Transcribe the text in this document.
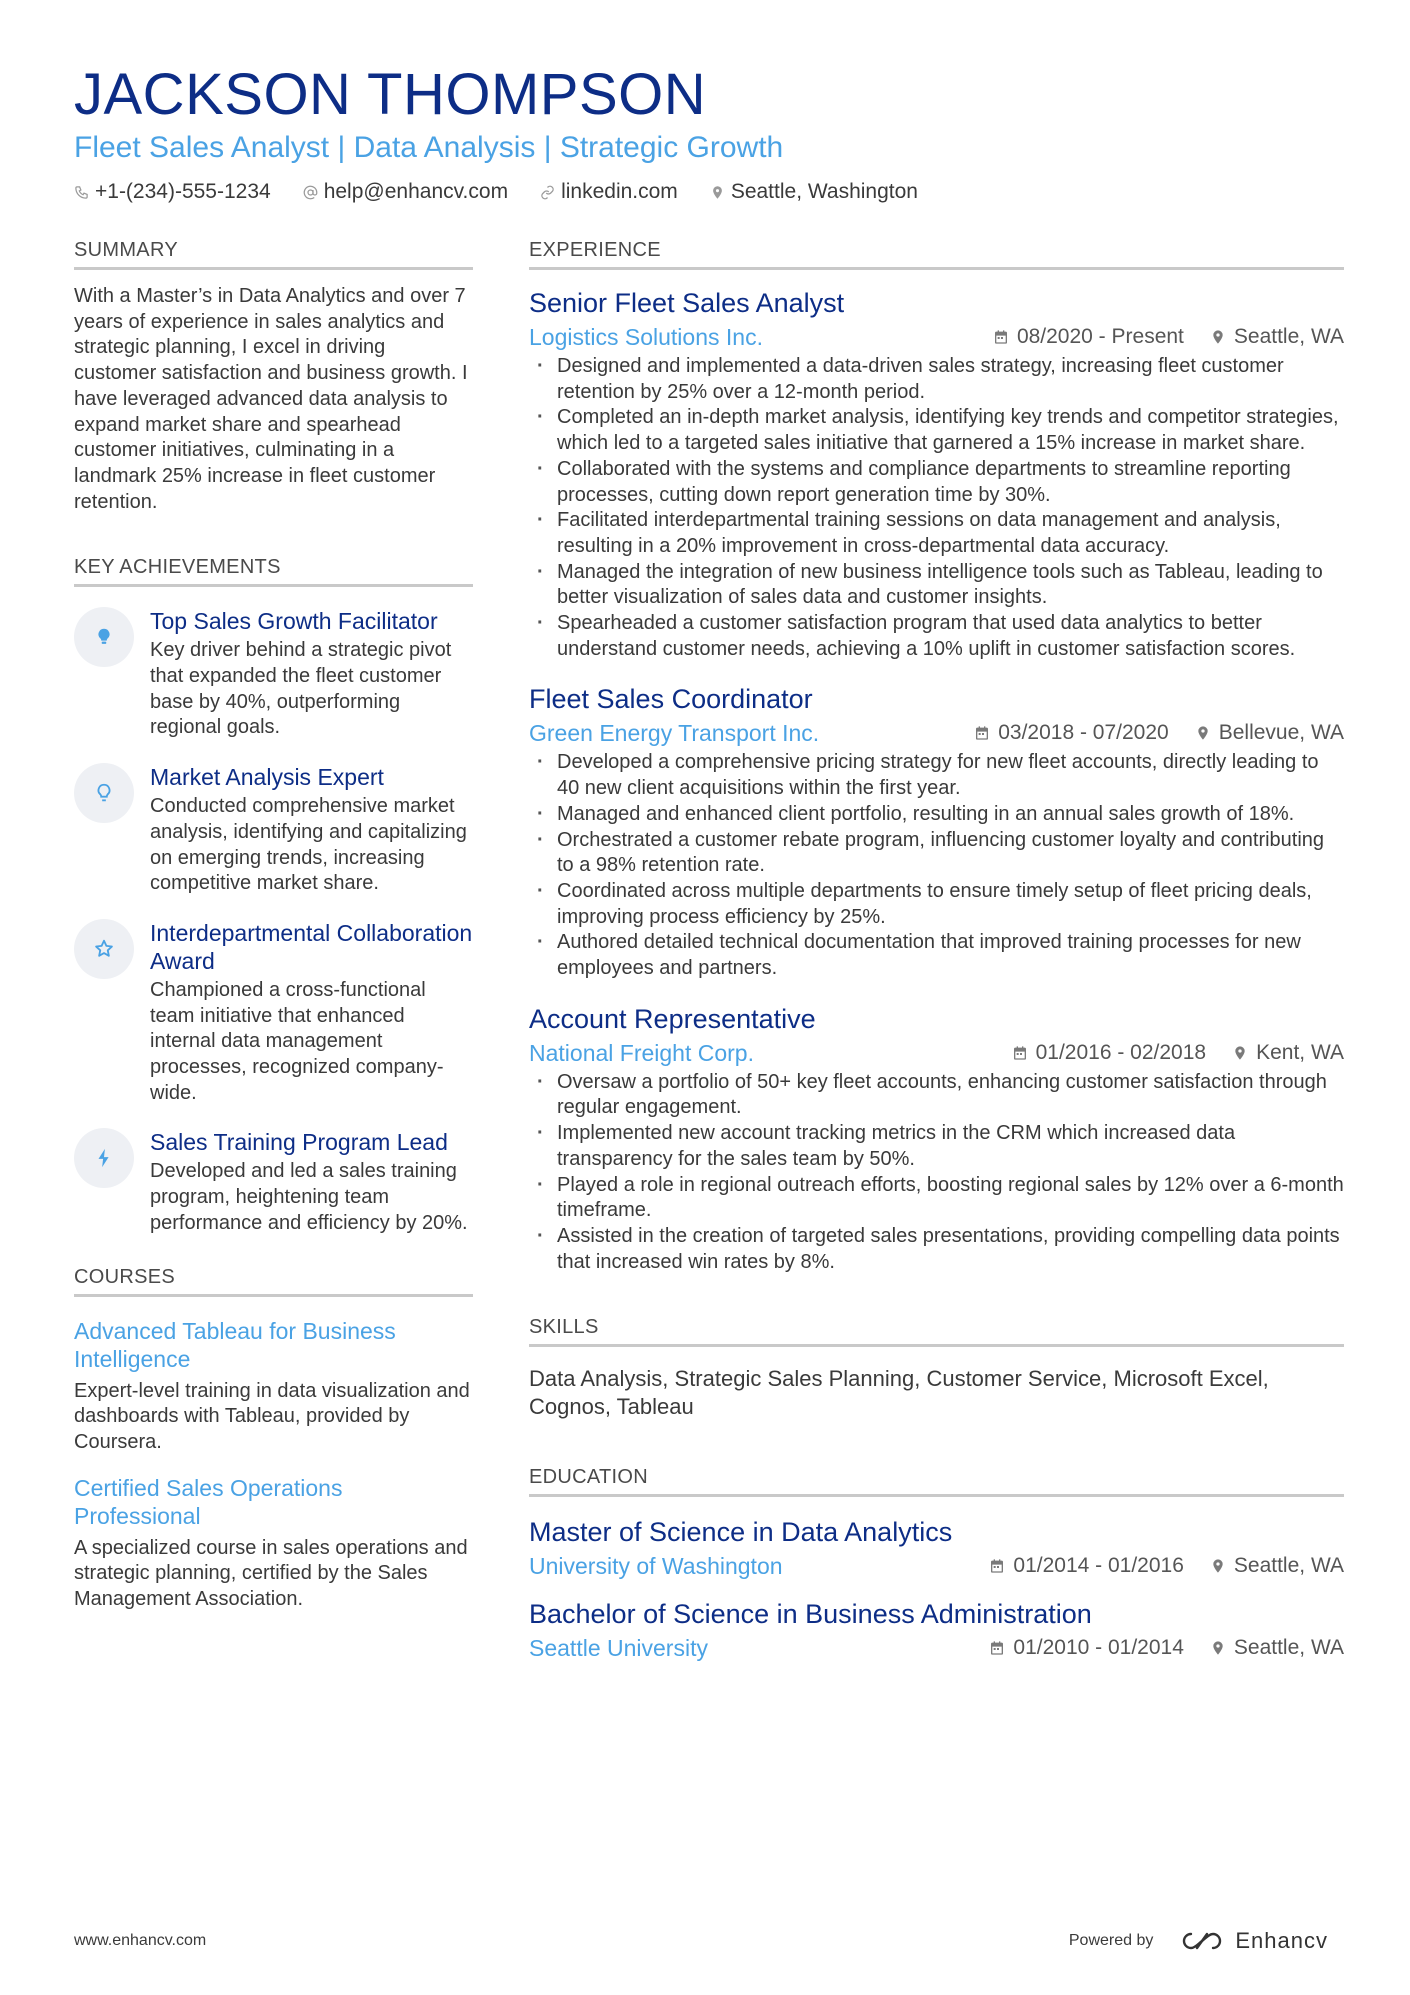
JACKSON THOMPSON
Fleet Sales Analyst | Data Analysis | Strategic Growth
+1-(234)-555-1234	help@enhancv.com	linkedin.com	Seattle, Washington
SUMMARY
With a Master’s in Data Analytics and over 7 years of experience in sales analytics and strategic planning, I excel in driving customer satisfaction and business growth. I have leveraged advanced data analysis to expand market share and spearhead customer initiatives, culminating in a landmark 25% increase in fleet customer retention.
KEY ACHIEVEMENTS
Top Sales Growth Facilitator
Key driver behind a strategic pivot that expanded the fleet customer base by 40%, outperforming regional goals.
Market Analysis Expert
Conducted comprehensive market analysis, identifying and capitalizing on emerging trends, increasing competitive market share.
Interdepartmental Collaboration Award
Championed a cross-functional team initiative that enhanced internal data management processes, recognized company-wide.
Sales Training Program Lead
Developed and led a sales training program, heightening team performance and efficiency by 20%.
COURSES
Advanced Tableau for Business Intelligence
Expert-level training in data visualization and dashboards with Tableau, provided by Coursera.
Certified Sales Operations Professional
A specialized course in sales operations and strategic planning, certified by the Sales Management Association.
EXPERIENCE
Senior Fleet Sales Analyst
Logistics Solutions Inc.	08/2020 - Present Seattle, WA
· Designed and implemented a data-driven sales strategy, increasing fleet customer retention by 25% over a 12-month period.
· Completed an in-depth market analysis, identifying key trends and competitor strategies, which led to a targeted sales initiative that garnered a 15% increase in market share.
· Collaborated with the systems and compliance departments to streamline reporting processes, cutting down report generation time by 30%.
· Facilitated interdepartmental training sessions on data management and analysis, resulting in a 20% improvement in cross-departmental data accuracy.
· Managed the integration of new business intelligence tools such as Tableau, leading to better visualization of sales data and customer insights.
· Spearheaded a customer satisfaction program that used data analytics to better understand customer needs, achieving a 10% uplift in customer satisfaction scores.
Fleet Sales Coordinator
Green Energy Transport Inc.	03/2018 - 07/2020 Bellevue, WA
· Developed a comprehensive pricing strategy for new fleet accounts, directly leading to 40 new client acquisitions within the first year.
· Managed and enhanced client portfolio, resulting in an annual sales growth of 18%.
· Orchestrated a customer rebate program, influencing customer loyalty and contributing to a 98% retention rate.
· Coordinated across multiple departments to ensure timely setup of fleet pricing deals, improving process efficiency by 25%.
· Authored detailed technical documentation that improved training processes for new employees and partners.
Account Representative
National Freight Corp.	01/2016 - 02/2018 Kent, WA
· Oversaw a portfolio of 50+ key fleet accounts, enhancing customer satisfaction through regular engagement.
· Implemented new account tracking metrics in the CRM which increased data transparency for the sales team by 50%.
· Played a role in regional outreach efforts, boosting regional sales by 12% over a 6-month timeframe.
· Assisted in the creation of targeted sales presentations, providing compelling data points that increased win rates by 8%.
SKILLS
Data Analysis, Strategic Sales Planning, Customer Service, Microsoft Excel, Cognos, Tableau
EDUCATION
Master of Science in Data Analytics
University of Washington	01/2014 - 01/2016 Seattle, WA
Bachelor of Science in Business Administration
Seattle University	01/2010 - 01/2014 Seattle, WA
www.enhancv.com	Powered by	Enhancv
